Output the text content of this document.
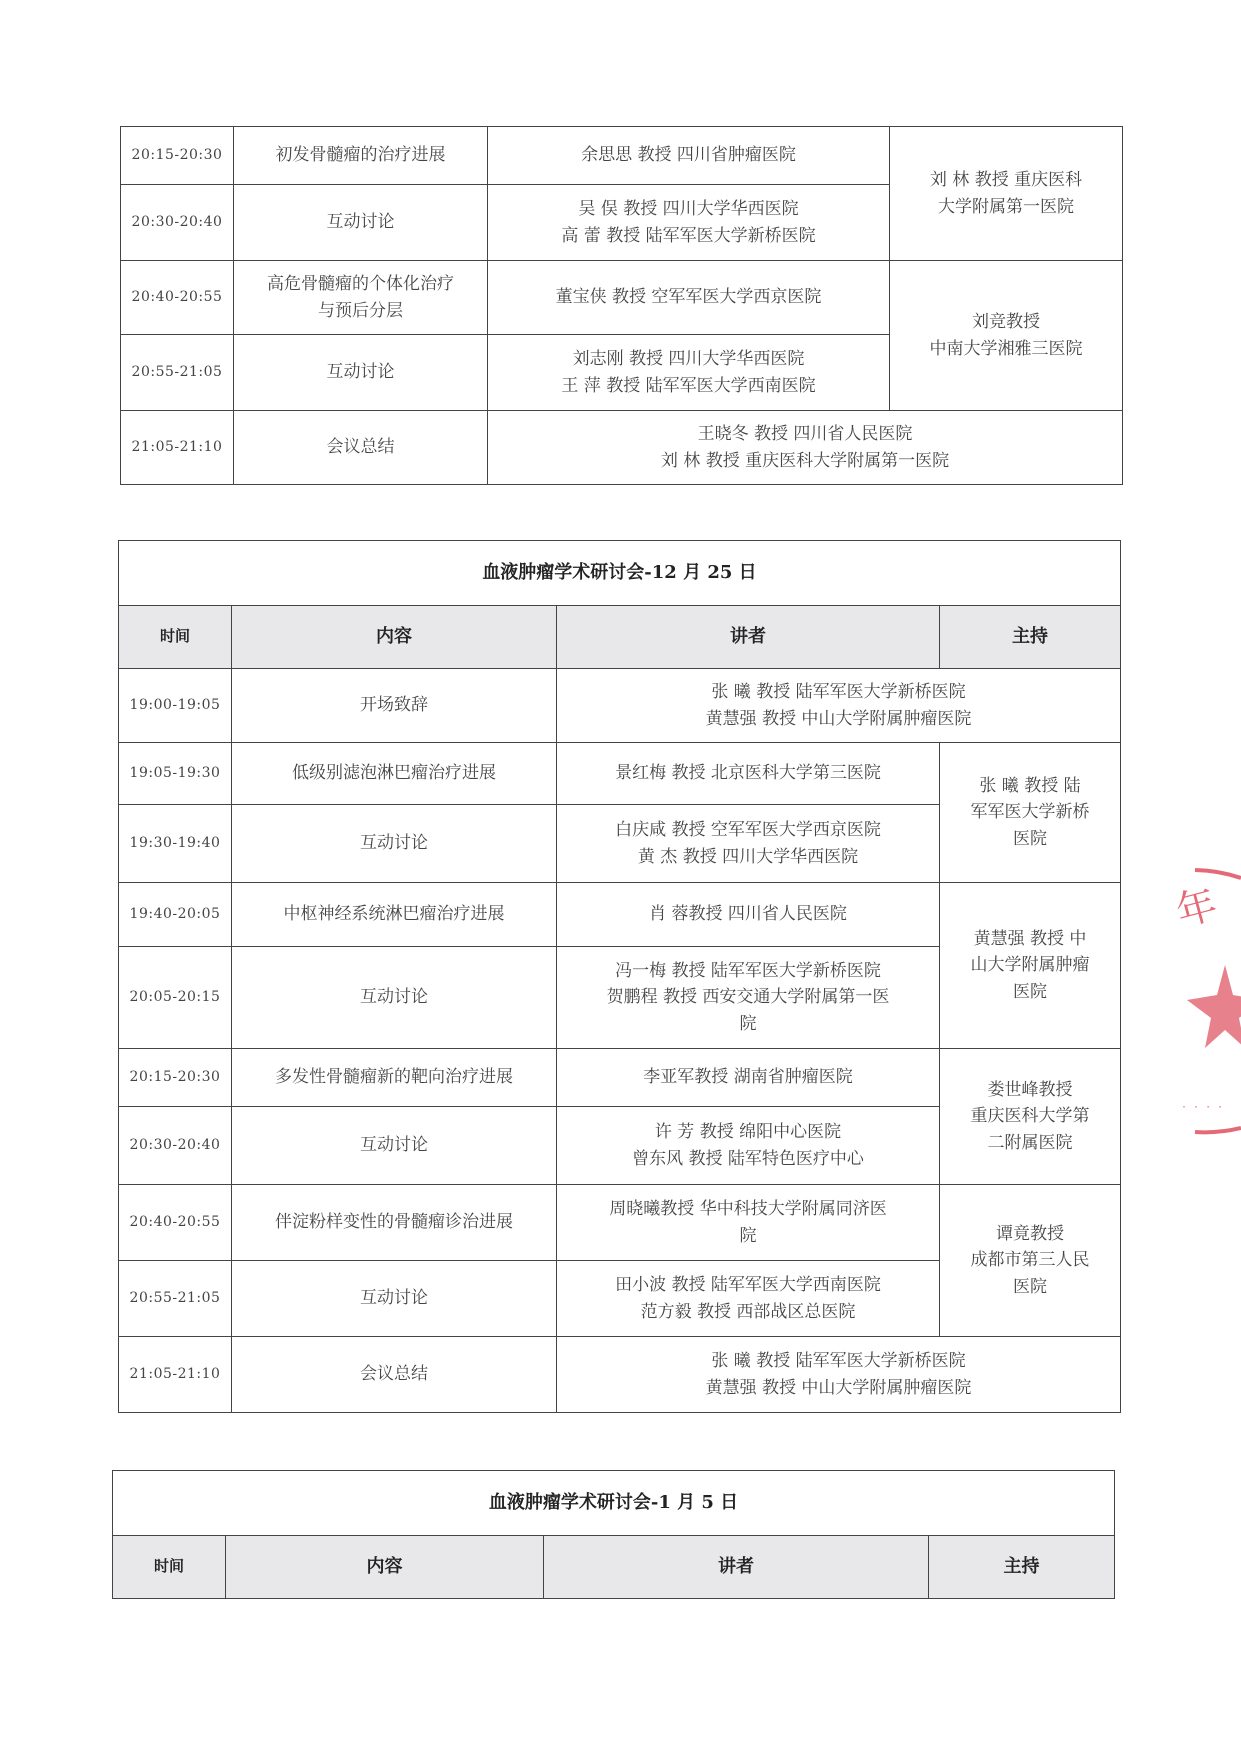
20:15-20:30	初发骨髓瘤的治疗进展	余思思 教授 四川省肿瘤医院	刘 林 教授 重庆医科
大学附属第一医院

20:30-20:40	互动讨论	吴 俣 教授 四川大学华西医院
高 蕾 教授 陆军军医大学新桥医院	

20:40-20:55	高危骨髓瘤的个体化治疗
与预后分层	董宝侠 教授 空军军医大学西京医院	刘竞教授
中南大学湘雅三医院

20:55-21:05	互动讨论	刘志刚 教授 四川大学华西医院
王 萍 教授 陆军军医大学西南医院	

21:05-21:10	会议总结	王晓冬 教授 四川省人民医院
刘 林 教授 重庆医科大学附属第一医院	
血液肿瘤学术研讨会-12 月 25 日			
时间	内容	讲者	主持
19:00-19:05	开场致辞	张 曦 教授 陆军军医大学新桥医院
黄慧强 教授 中山大学附属肿瘤医院	

19:05-19:30	低级别滤泡淋巴瘤治疗进展	景红梅 教授 北京医科大学第三医院	张 曦 教授 陆
军军医大学新桥
医院

19:30-19:40	互动讨论	白庆咸 教授 空军军医大学西京医院
黄 杰 教授 四川大学华西医院	

19:40-20:05	中枢神经系统淋巴瘤治疗进展	肖 蓉教授 四川省人民医院	黄慧强 教授 中
山大学附属肿瘤
医院

20:05-20:15	互动讨论	冯一梅 教授 陆军军医大学新桥医院
贺鹏程 教授 西安交通大学附属第一医
院	

20:15-20:30	多发性骨髓瘤新的靶向治疗进展	李亚军教授 湖南省肿瘤医院	娄世峰教授
重庆医科大学第
二附属医院

20:30-20:40	互动讨论	许 芳 教授 绵阳中心医院
曾东风 教授 陆军特色医疗中心	

20:40-20:55	伴淀粉样变性的骨髓瘤诊治进展	周晓曦教授 华中科技大学附属同济医
院	谭竟教授
成都市第三人民
医院

20:55-21:05	互动讨论	田小波 教授 陆军军医大学西南医院
范方毅 教授 西部战区总医院	

21:05-21:10	会议总结	张 曦 教授 陆军军医大学新桥医院
黄慧强 教授 中山大学附属肿瘤医院	
血液肿瘤学术研讨会-1 月 5 日
时间	内容	讲者	主持
年
· · · ·
